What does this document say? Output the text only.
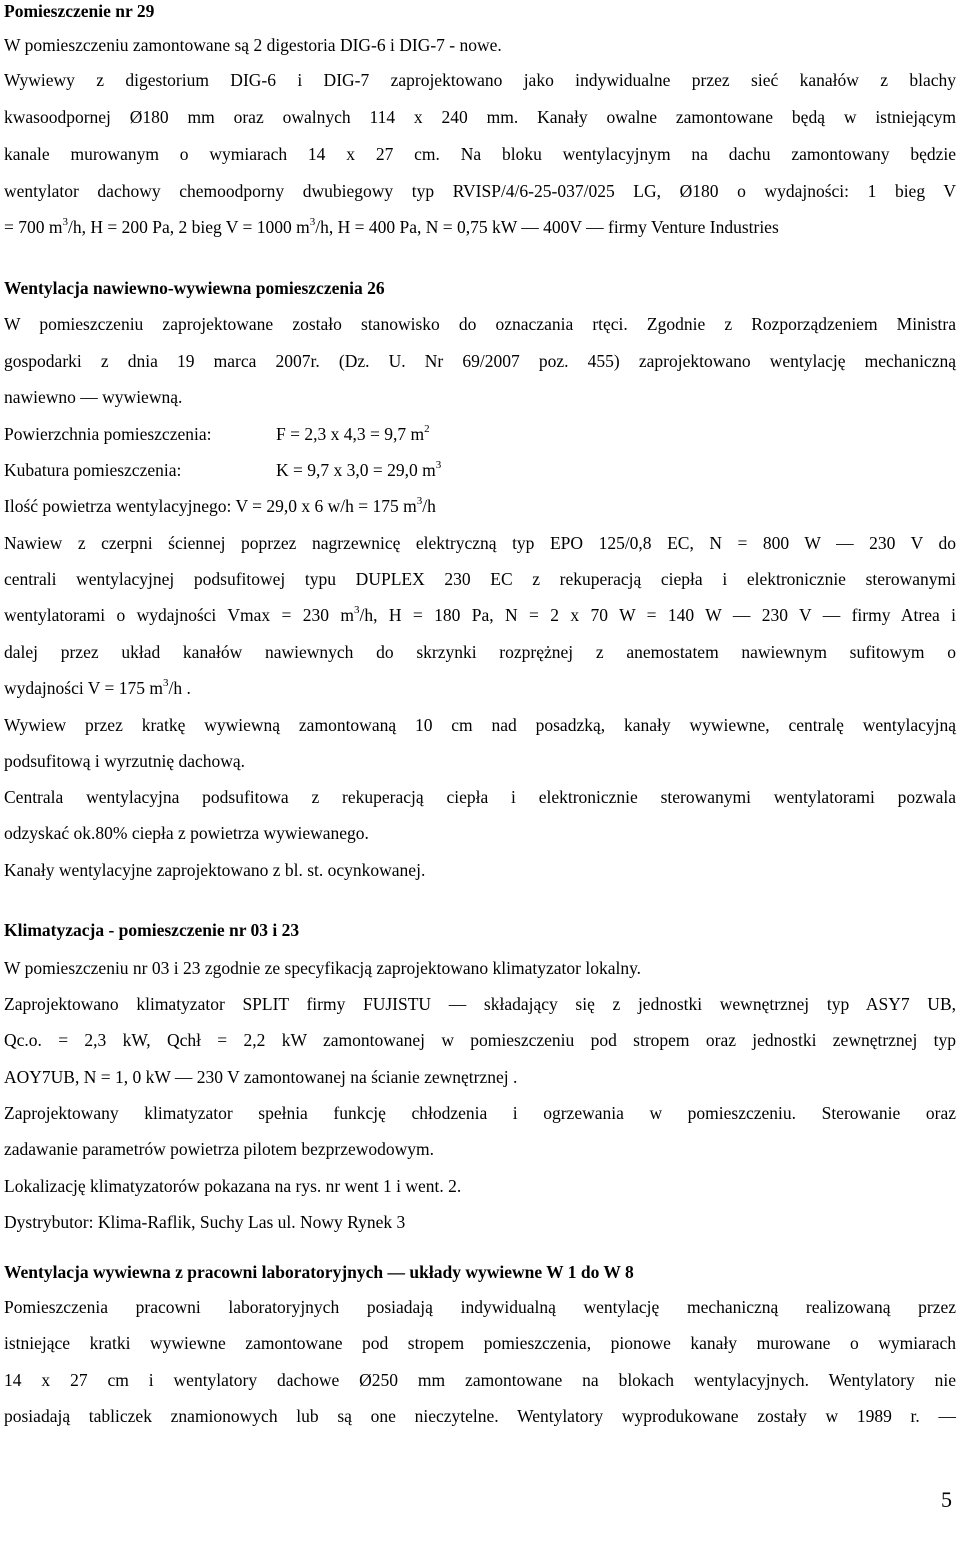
Pomieszczenie nr 29
W pomieszczeniu zamontowane są 2 digestoria DIG-6 i DIG-7 - nowe.
Wywiewy z digestorium DIG-6 i DIG-7 zaprojektowano jako indywidualne przez sieć kanałów z blachy
kwasoodpornej Ø180 mm oraz owalnych 114 x 240 mm. Kanały owalne zamontowane będą w istniejącym
kanale murowanym o wymiarach 14 x 27 cm. Na bloku wentylacyjnym na dachu zamontowany będzie
wentylator dachowy chemoodporny dwubiegowy typ RVISP/4/6-25-037/025 LG, Ø180 o wydajności: 1 bieg V
= 700 $m^3/h$, H = 200 Pa, 2 bieg V = 1000 $m^3/h$, H = 400 Pa, N = 0,75 kW — 400V — firmy Venture Industries
Wentylacja nawiewno-wywiewna pomieszczenia 26
W pomieszczeniu zaprojektowane zostało stanowisko do oznaczania rtęci. Zgodnie z Rozporządzeniem Ministra
gospodarki z dnia 19 marca 2007r. (Dz. U. Nr 69/2007 poz. 455) zaprojektowano wentylację mechaniczną
nawiewno — wywiewną.
Powierzchnia pomieszczenia:	F = 2,3 x 4,3 = 9,7 $m^2$
Kubatura pomieszczenia:	K = 9,7 x 3,0 = 29,0 $m^3$
Ilość powietrza wentylacyjnego: V = 29,0 x 6 w/h = 175 $m^3/h$
Nawiew z czerpni ściennej poprzez nagrzewnicę elektryczną typ EPO 125/0,8 EC, N = 800 W — 230 V do
centrali wentylacyjnej podsufitowej typu DUPLEX 230 EC z rekuperacją ciepła i elektronicznie sterowanymi
wentylatorami o wydajności Vmax = 230 $m^3/h$, H = 180 Pa, N = 2 x 70 W = 140 W — 230 V — firmy Atrea i
dalej przez układ kanałów nawiewnych do skrzynki rozprężnej z anemostatem nawiewnym sufitowym o
wydajności V = 175 $m^3/h$ .
Wywiew przez kratkę wywiewną zamontowaną 10 cm nad posadzką, kanały wywiewne, centralę wentylacyjną
podsufitową i wyrzutnię dachową.
Centrala wentylacyjna podsufitowa z rekuperacją ciepła i elektronicznie sterowanymi wentylatorami pozwala
odzyskać ok.80% ciepła z powietrza wywiewanego.
Kanały wentylacyjne zaprojektowano z bl. st. ocynkowanej.
Klimatyzacja - pomieszczenie nr 03 i 23
W pomieszczeniu nr 03 i 23 zgodnie ze specyfikacją zaprojektowano klimatyzator lokalny.
Zaprojektowano klimatyzator SPLIT firmy FUJISTU — składający się z jednostki wewnętrznej typ ASY7 UB,
Qc.o. = 2,3 kW, Qchł = 2,2 kW zamontowanej w pomieszczeniu pod stropem oraz jednostki zewnętrznej typ
AOY7UB, N = 1, 0 kW — 230 V zamontowanej na ścianie zewnętrznej .
Zaprojektowany klimatyzator spełnia funkcję chłodzenia i ogrzewania w pomieszczeniu. Sterowanie oraz
zadawanie parametrów powietrza pilotem bezprzewodowym.
Lokalizację klimatyzatorów pokazana na rys. nr went 1 i went. 2.
Dystrybutor: Klima-Raflik, Suchy Las ul. Nowy Rynek 3
Wentylacja wywiewna z pracowni laboratoryjnych — układy wywiewne W 1 do W 8
Pomieszczenia pracowni laboratoryjnych posiadają indywidualną wentylację mechaniczną realizowaną przez
istniejące kratki wywiewne zamontowane pod stropem pomieszczenia, pionowe kanały murowane o wymiarach
14 x 27 cm i wentylatory dachowe Ø250 mm zamontowane na blokach wentylacyjnych. Wentylatory nie
posiadają tabliczek znamionowych lub są one nieczytelne. Wentylatory wyprodukowane zostały w 1989 r. —
5
